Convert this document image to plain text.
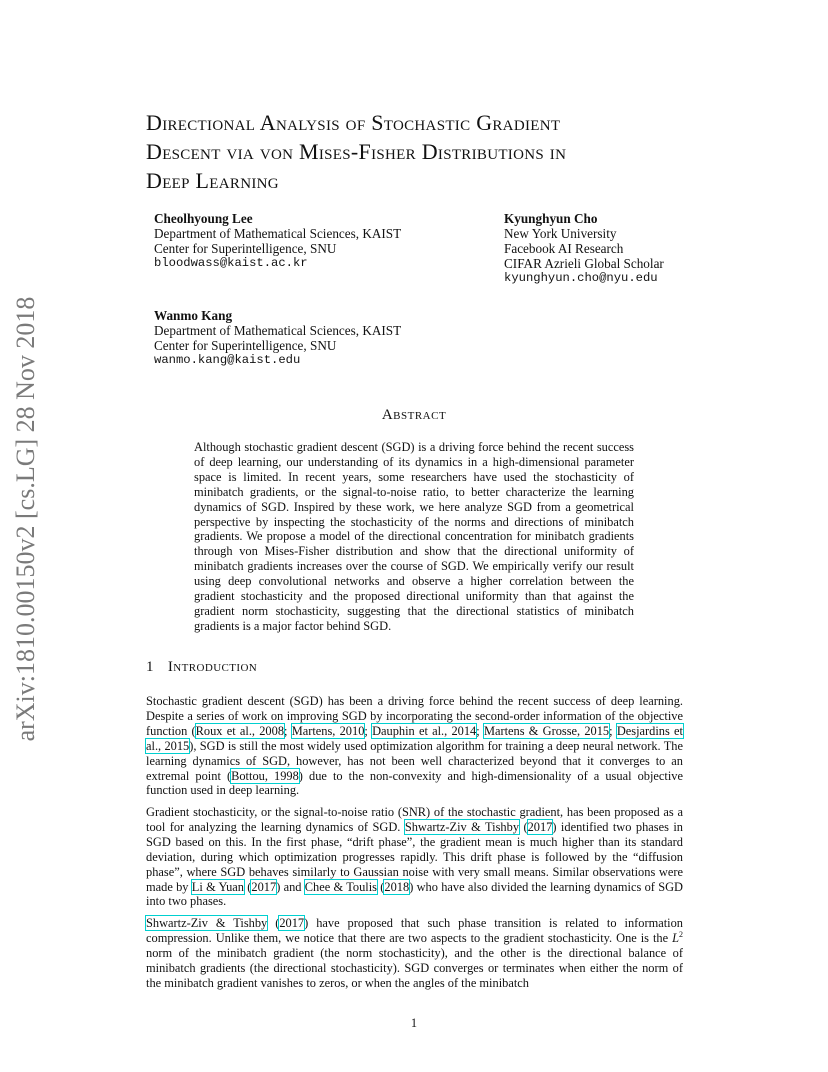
arXiv:1810.00150v2 [cs.LG] 28 Nov 2018
Directional Analysis of Stochastic Gradient
Descent via von Mises-Fisher Distributions in
Deep Learning
Cheolhyoung Lee
Department of Mathematical Sciences, KAIST
Center for Superintelligence, SNU
bloodwass@kaist.ac.kr
Kyunghyun Cho
New York University
Facebook AI Research
CIFAR Azrieli Global Scholar
kyunghyun.cho@nyu.edu
Wanmo Kang
Department of Mathematical Sciences, KAIST
Center for Superintelligence, SNU
wanmo.kang@kaist.edu
Abstract
Although stochastic gradient descent (SGD) is a driving force behind the recent success of deep learning, our understanding of its dynamics in a high-dimensional parameter space is limited. In recent years, some researchers have used the stochasticity of minibatch gradients, or the signal-to-noise ratio, to better characterize the learning dynamics of SGD. Inspired by these work, we here analyze SGD from a geometrical perspective by inspecting the stochasticity of the norms and directions of minibatch gradients. We propose a model of the directional concentration for minibatch gradients through von Mises-Fisher distribution and show that the directional uniformity of minibatch gradients increases over the course of SGD. We empirically verify our result using deep convolutional networks and observe a higher correlation between the gradient stochasticity and the proposed directional uniformity than that against the gradient norm stochasticity, suggesting that the directional statistics of minibatch gradients is a major factor behind SGD.
1 Introduction

Stochastic gradient descent (SGD) has been a driving force behind the recent success of deep learning. Despite a series of work on improving SGD by incorporating the second-order information of the objective function (Roux et al., 2008; Martens, 2010; Dauphin et al., 2014; Martens & Grosse, 2015; Desjardins et al., 2015), SGD is still the most widely used optimization algorithm for training a deep neural network. The learning dynamics of SGD, however, has not been well characterized beyond that it converges to an extremal point (Bottou, 1998) due to the non-convexity and high-dimensionality of a usual objective function used in deep learning.

Gradient stochasticity, or the signal-to-noise ratio (SNR) of the stochastic gradient, has been proposed as a tool for analyzing the learning dynamics of SGD. Shwartz-Ziv & Tishby (2017) identified two phases in SGD based on this. In the first phase, “drift phase”, the gradient mean is much higher than its standard deviation, during which optimization progresses rapidly. This drift phase is followed by the “diffusion phase”, where SGD behaves similarly to Gaussian noise with very small means. Similar observations were made by Li & Yuan (2017) and Chee & Toulis (2018) who have also divided the learning dynamics of SGD into two phases.

Shwartz-Ziv & Tishby (2017) have proposed that such phase transition is related to information compression. Unlike them, we notice that there are two aspects to the gradient stochasticity. One is the $L^2$ norm of the minibatch gradient (the norm stochasticity), and the other is the directional balance of minibatch gradients (the directional stochasticity). SGD converges or terminates when either the norm of the minibatch gradient vanishes to zeros, or when the angles of the minibatch

1
